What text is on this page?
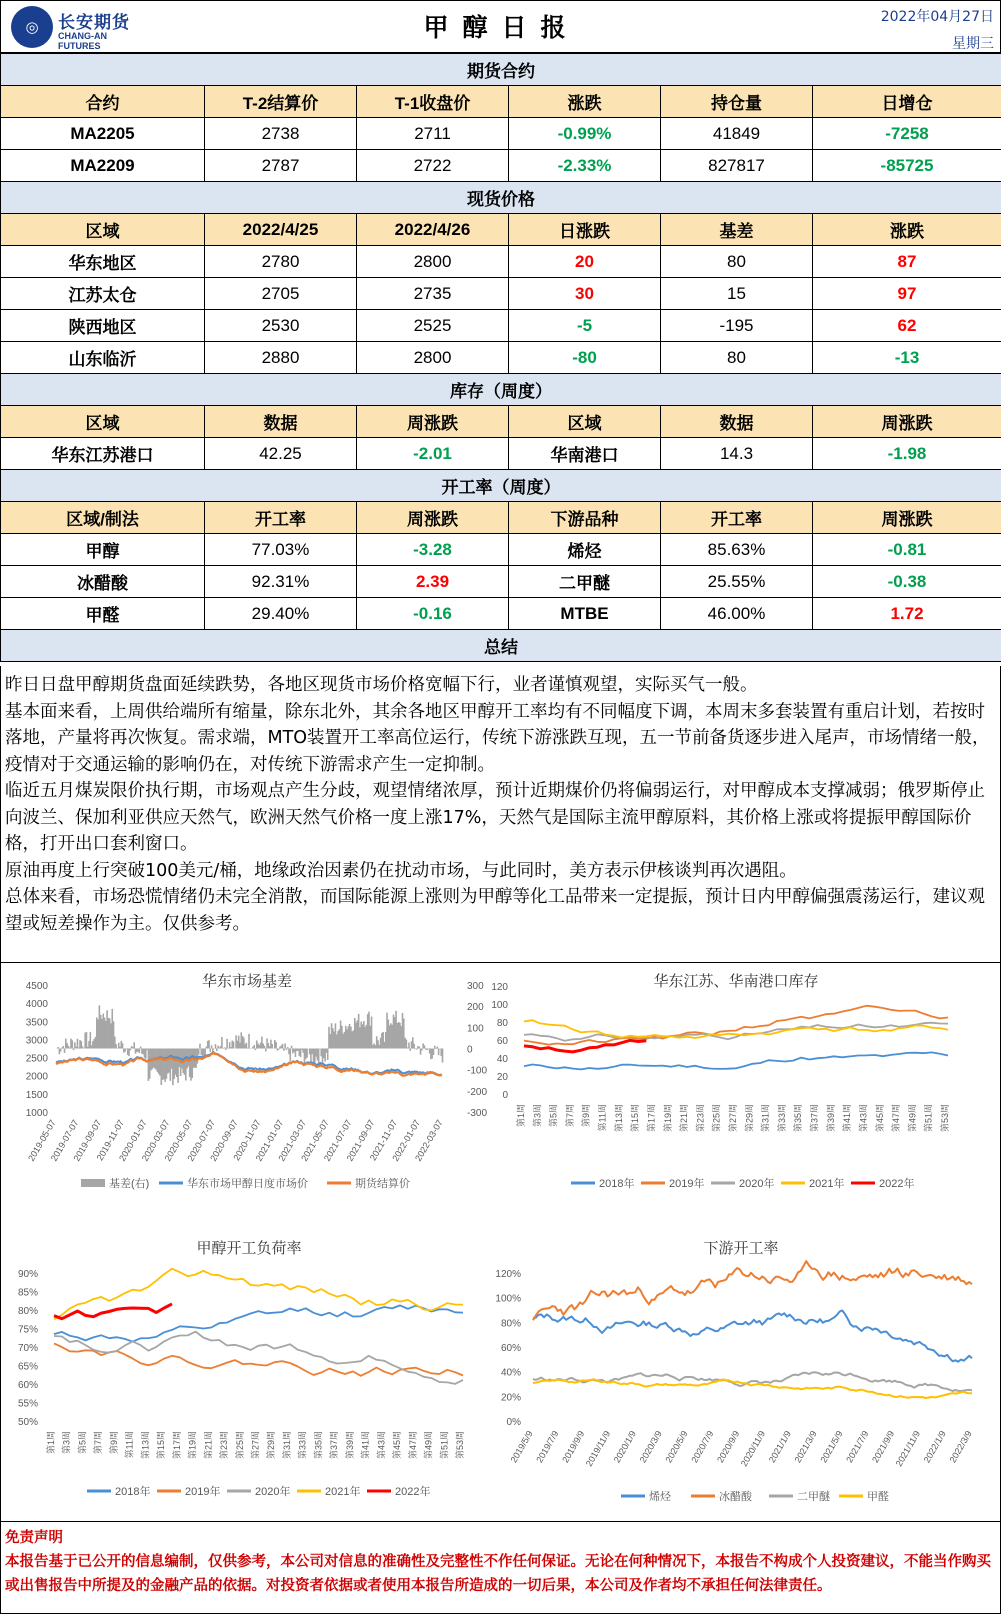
◎	长安期货
CHANG-AN FUTURES
甲醇日报	2022年04月27日
星期三
期货合约					
合约	T-2结算价	T-1收盘价	涨跌	持仓量	日增仓
MA2205	2738	2711	-0.99%	41849	-7258
MA2209	2787	2722	-2.33%	827817	-85725
现货价格					
区域	2022/4/25	2022/4/26	日涨跌	基差	涨跌
华东地区	2780	2800	20	80	87
江苏太仓	2705	2735	30	15	97
陕西地区	2530	2525	-5	-195	62
山东临沂	2880	2800	-80	80	-13
库存（周度）					
区域	数据	周涨跌	区域	数据	周涨跌
华东江苏港口	42.25	-2.01	华南港口	14.3	-1.98
开工率（周度）					
区域/制法	开工率	周涨跌	下游品种	开工率	周涨跌
甲醇	77.03%	-3.28	烯烃	85.63%	-0.81
冰醋酸	92.31%	2.39	二甲醚	25.55%	-0.38
甲醛	29.40%	-0.16	MTBE	46.00%	1.72
总结					

昨日日盘甲醇期货盘面延续跌势，各地区现货市场价格宽幅下行，业者谨慎观望，实际买气一般。

基本面来看，上周供给端所有缩量，除东北外，其余各地区甲醇开工率均有不同幅度下调，本周末多套装置有重启计划，若按时落地，产量将再次恢复。需求端，MTO装置开工率高位运行，传统下游涨跌互现，五一节前备货逐步进入尾声，市场情绪一般，疫情对于交通运输的影响仍在，对传统下游需求产生一定抑制。

临近五月煤炭限价执行期，市场观点产生分歧，观望情绪浓厚，预计近期煤价仍将偏弱运行，对甲醇成本支撑减弱；俄罗斯停止向波兰、保加利亚供应天然气，欧洲天然气价格一度上涨17%，天然气是国际主流甲醇原料，其价格上涨或将提振甲醇国际价格，打开出口套利窗口。

原油再度上行突破100美元/桶，地缘政治因素仍在扰动市场，与此同时，美方表示伊核谈判再次遇阻。

总体来看，市场恐慌情绪仍未完全消散，而国际能源上涨则为甲醇等化工品带来一定提振，预计日内甲醇偏强震荡运行，建议观望或短差操作为主。仅供参考。

华东市场基差
4500
4000
3500
3000
2500
2000
1500
1000
300
200
100
0
-100
-200
-300
2019-05-07
2019-07-07
2019-09-07
2019-11-07
2020-01-07
2020-03-07
2020-05-07
2020-07-07
2020-09-07
2020-11-07
2021-01-07
2021-03-07
2021-05-07
2021-07-07
2021-09-07
2021-11-07
2022-01-07
2022-03-07
基差(右)	华东市场甲醇日度市场价	期货结算价
华东江苏、华南港口库存
120
100
80
60
40
20
0
第1周 第3周 第5周 第7周 第9周 第11周 第13周 第15周 第17周 第19周 第21周 第23周 第25周 第27周 第29周 第31周 第33周 第35周 第37周 第39周 第41周 第43周 第45周 第47周 第49周 第51周 第53周
2018年	2019年	2020年	2021年	2022年
甲醇开工负荷率
90%
85%
80%
75%
70%
65%
60%
55%
50%
第1周 第3周 第5周 第7周 第9周 第11周 第13周 第15周 第17周 第19周 第21周 第23周 第25周 第27周 第29周 第31周 第33周 第35周 第37周 第39周 第41周 第43周 第45周 第47周 第49周 第51周 第53周
2018年	2019年	2020年	2021年	2022年
下游开工率
120%
100%
80%
60%
40%
20%
0%
2019/5/9 2019/7/9 2019/9/9
2019/11/9 2020/1/9 2020/3/9 2020/5/9 2020/7/9 2020/9/9
2020/11/9 2021/1/9 2021/3/9 2021/5/9 2021/7/9 2021/9/9
2021/11/9 2022/1/9 2022/3/9
烯烃	冰醋酸	二甲醚	甲醛
免责声明
本报告基于已公开的信息编制，仅供参考，本公司对信息的准确性及完整性不作任何保证。无论在何种情况下，本报告不构成个人投资建议，不能当作购买或出售报告中所提及的金融产品的依据。对投资者依据或者使用本报告所造成的一切后果，本公司及作者均不承担任何法律责任。
